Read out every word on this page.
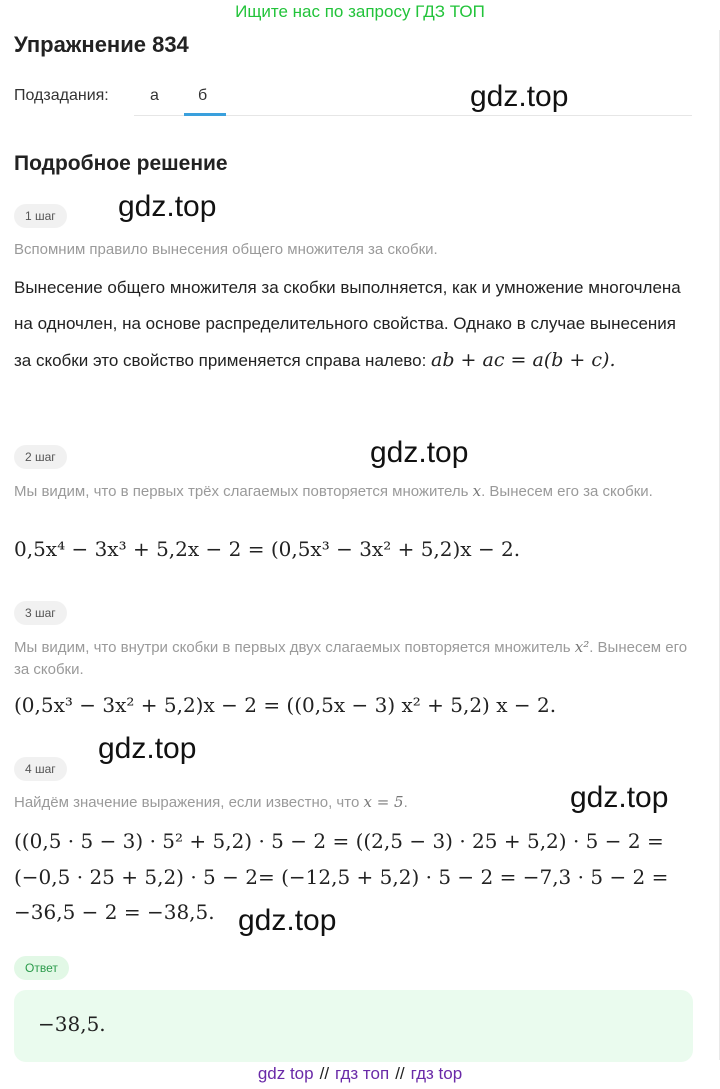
Ищите нас по запросу ГДЗ ТОП
Упражнение 834
Подзадания:	а б
Подробное решение
1 шаг
Вспомним правило вынесения общего множителя за скобки.
Вынесение общего множителя за скобки выполняется, как и умножение многочлена на одночлен, на основе распределительного свойства. Однако в случае вынесения за скобки это свойство применяется справа налево: ab + ac = a(b + c).
2 шаг
Мы видим, что в первых трёх слагаемых повторяется множитель x. Вынесем его за скобки.
0,5x⁴ − 3x³ + 5,2x − 2 = (0,5x³ − 3x² + 5,2)x − 2.
3 шаг
Мы видим, что внутри скобки в первых двух слагаемых повторяется множитель x². Вынесем его за скобки.
(0,5x³ − 3x² + 5,2)x − 2 = ((0,5x − 3) x² + 5,2) x − 2.
4 шаг
Найдём значение выражения, если известно, что x = 5.
((0,5 · 5 − 3) · 5² + 5,2) · 5 − 2 = ((2,5 − 3) · 25 + 5,2) · 5 − 2 =
(−0,5 · 25 + 5,2) · 5 − 2= (−12,5 + 5,2) · 5 − 2 = −7,3 · 5 − 2 =
−36,5 − 2 = −38,5.
Ответ
−38,5.
gdz.top
gdz.top
gdz.top
gdz.top
gdz.top
gdz.top
gdz top // гдз топ // гдз top
